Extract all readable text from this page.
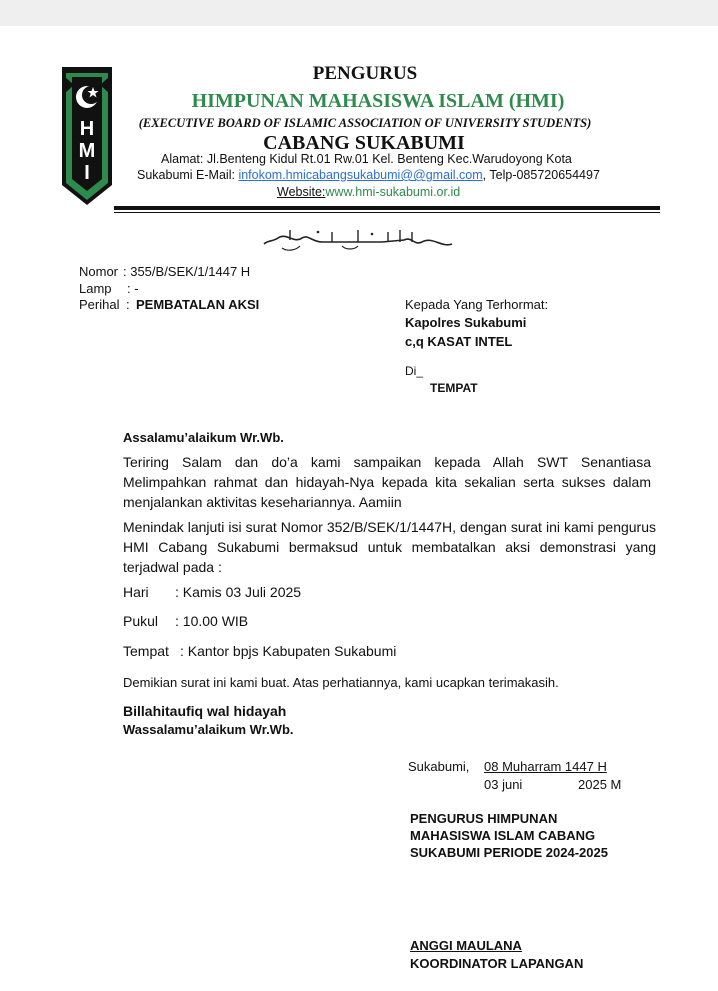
H
M
I
PENGURUS
HIMPUNAN MAHASISWA ISLAM (HMI)
(EXECUTIVE BOARD OF ISLAMIC ASSOCIATION OF UNIVERSITY STUDENTS)
CABANG SUKABUMI
Alamat: Jl.Benteng Kidul Rt.01 Rw.01 Kel. Benteng Kec.Warudoyong Kota
Sukabumi E-Mail: infokom.hmicabangsukabumi@@gmail.com, Telp-085720654497
Website:www.hmi-sukabumi.or.id
Nomor : 355/B/SEK/1/1447 H
Lamp : -
Perihal : PEMBATALAN AKSI	Kepada Yang Terhormat:
Kapolres Sukabumi
c,q KASAT INTEL
Di_
TEMPAT
Assalamu’alaikum Wr.Wb.
Teriring Salam dan do’a kami sampaikan kepada Allah SWT Senantiasa Melimpahkan rahmat dan hidayah-Nya kepada kita sekalian serta sukses dalam menjalankan aktivitas kesehariannya. Aamiin
Menindak lanjuti isi surat Nomor 352/B/SEK/1/1447H, dengan surat ini kami pengurus HMI Cabang Sukabumi bermaksud untuk membatalkan aksi demonstrasi yang terjadwal pada :
Hari : Kamis 03 Juli 2025
Pukul : 10.00 WIB
Tempat : Kantor bpjs Kabupaten Sukabumi
Demikian surat ini kami buat. Atas perhatiannya, kami ucapkan terimakasih.
Billahitaufiq wal hidayah
Wassalamu’alaikum Wr.Wb.
Sukabumi, 08 Muharram 1447 H
03 juni	2025 M
PENGURUS HIMPUNAN
MAHASISWA ISLAM CABANG
SUKABUMI PERIODE 2024-2025
ANGGI MAULANA
KOORDINATOR LAPANGAN
